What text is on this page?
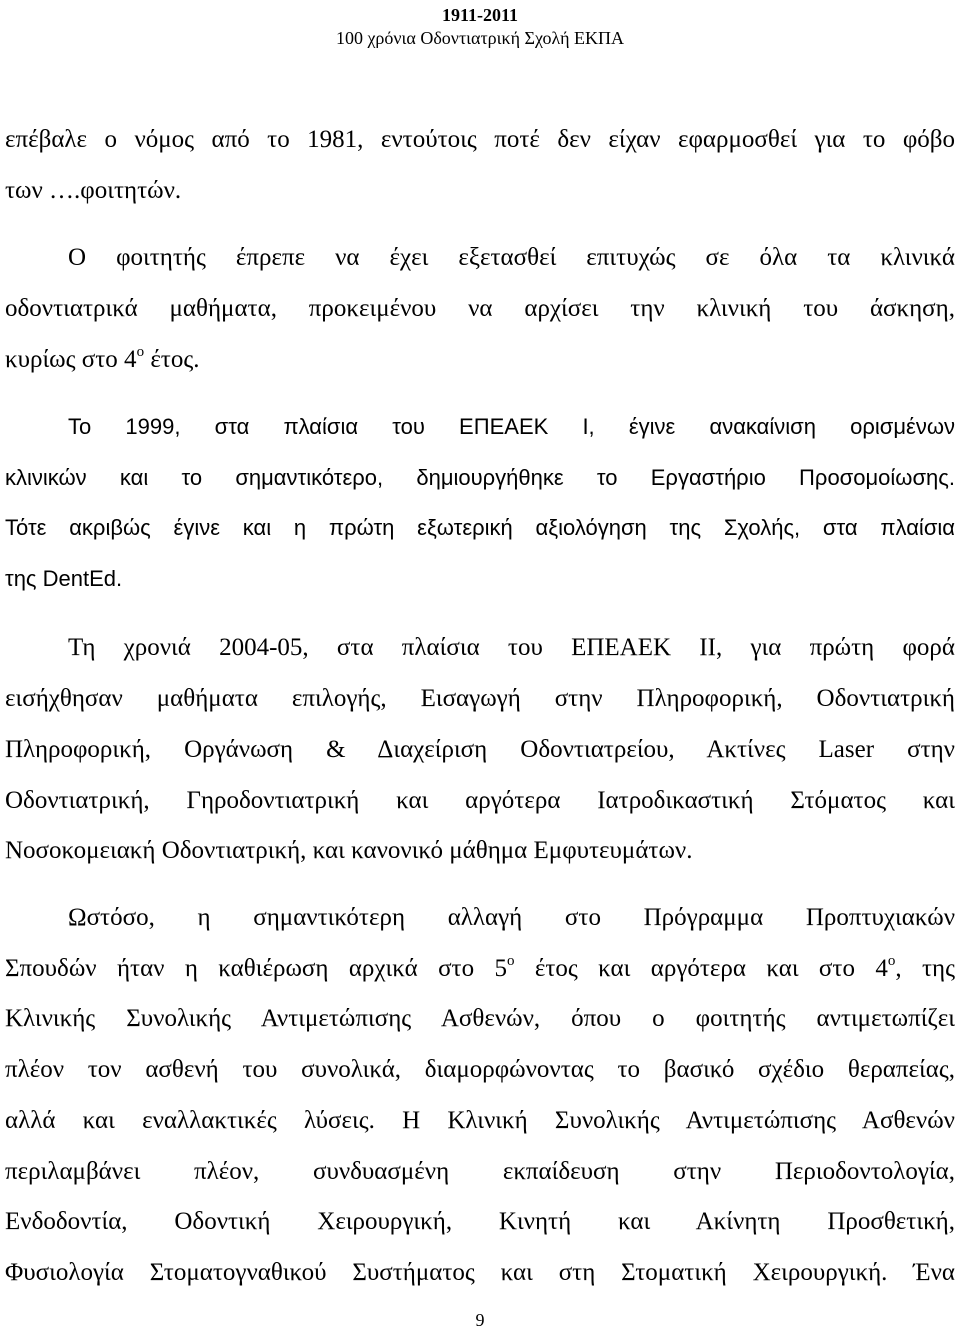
1911-2011
100 χρόνια Οδοντιατρική Σχολή ΕΚΠΑ
επέβαλε ο νόμος από το 1981, εντούτοις ποτέ δεν είχαν εφαρμοσθεί για το φόβο
των ….φοιτητών.
Ο φοιτητής έπρεπε να έχει εξετασθεί επιτυχώς σε όλα τα κλινικά
οδοντιατρικά μαθήματα, προκειμένου να αρχίσει την κλινική του άσκηση,
κυρίως στο $4^o$ έτος.
Το 1999, στα πλαίσια του ΕΠΕΑΕΚ Ι, έγινε ανακαίνιση ορισμένων
κλινικών και το σημαντικότερο, δημιουργήθηκε το Εργαστήριο Προσομοίωσης.
Τότε ακριβώς έγινε και η πρώτη εξωτερική αξιολόγηση της Σχολής, στα πλαίσια
της DentEd.
Τη χρονιά 2004-05, στα πλαίσια του ΕΠΕΑΕΚ ΙΙ, για πρώτη φορά
εισήχθησαν μαθήματα επιλογής, Εισαγωγή στην Πληροφορική, Οδοντιατρική
Πληροφορική, Οργάνωση & Διαχείριση Οδοντιατρείου, Ακτίνες Laser στην
Οδοντιατρική, Γηροδοντιατρική και αργότερα Ιατροδικαστική Στόματος και
Νοσοκομειακή Οδοντιατρική, και κανονικό μάθημα Εμφυτευμάτων.
Ωστόσο, η σημαντικότερη αλλαγή στο Πρόγραμμα Προπτυχιακών
Σπουδών ήταν η καθιέρωση αρχικά στο $5^o$ έτος και αργότερα και στο $4^o$, της
Κλινικής Συνολικής Αντιμετώπισης Ασθενών, όπου ο φοιτητής αντιμετωπίζει
πλέον τον ασθενή του συνολικά, διαμορφώνοντας το βασικό σχέδιο θεραπείας,
αλλά και εναλλακτικές λύσεις. Η Κλινική Συνολικής Αντιμετώπισης Ασθενών
περιλαμβάνει πλέον, συνδυασμένη εκπαίδευση στην Περιοδοντολογία,
Ενδοδοντία, Οδοντική Χειρουργική, Κινητή και Ακίνητη Προσθετική,
Φυσιολογία Στοματογναθικού Συστήματος και στη Στοματική Χειρουργική. Ένα
9
